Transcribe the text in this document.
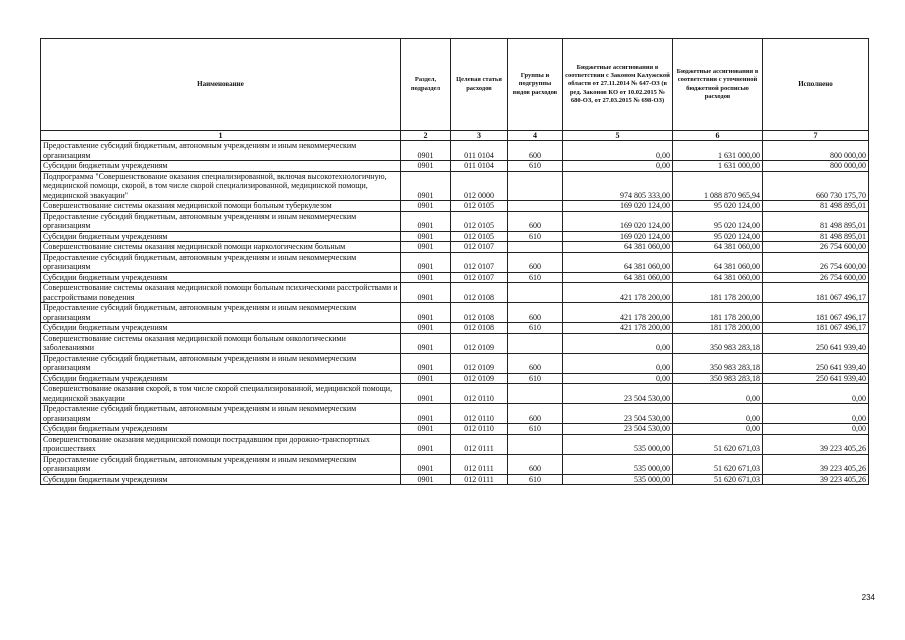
Наименование	Раздел, подраздел	Целевая статья расходов	Группы и подгруппы видов расходов	Бюджетные ассигнования в соответствии с Законом Калужской области от 27.11.2014 № 647-ОЗ (в ред. Законов КО от 10.02.2015 № 680-ОЗ, от 27.03.2015 № 698-ОЗ)	Бюджетные ассигнования в соответствии с уточненной бюджетной росписью расходов	Исполнено
1	2	3	4	5	6	7
Предоставление субсидий бюджетным, автономным учреждениям и иным некоммерческим организациям	0901	011 0104	600	0,00	1 631 000,00	800 000,00
Субсидии бюджетным учреждениям	0901	011 0104	610	0,00	1 631 000,00	800 000,00
Подпрограмма "Совершенствование оказания специализированной, включая высокотехнологичную, медицинской помощи, скорой, в том числе скорой специализированной, медицинской помощи, медицинской эвакуации"	0901	012 0000		974 805 333,00	1 088 870 965,94	660 730 175,70
Совершенствование системы оказания медицинской помощи больным туберкулезом	0901	012 0105		169 020 124,00	95 020 124,00	81 498 895,01
Предоставление субсидий бюджетным, автономным учреждениям и иным некоммерческим организациям	0901	012 0105	600	169 020 124,00	95 020 124,00	81 498 895,01
Субсидии бюджетным учреждениям	0901	012 0105	610	169 020 124,00	95 020 124,00	81 498 895,01
Совершенствование системы оказания медицинской помощи наркологическим больным	0901	012 0107		64 381 060,00	64 381 060,00	26 754 600,00
Предоставление субсидий бюджетным, автономным учреждениям и иным некоммерческим организациям	0901	012 0107	600	64 381 060,00	64 381 060,00	26 754 600,00
Субсидии бюджетным учреждениям	0901	012 0107	610	64 381 060,00	64 381 060,00	26 754 600,00
Совершенствование системы оказания медицинской помощи больным психическими расстройствами и расстройствами поведения	0901	012 0108		421 178 200,00	181 178 200,00	181 067 496,17
Предоставление субсидий бюджетным, автономным учреждениям и иным некоммерческим организациям	0901	012 0108	600	421 178 200,00	181 178 200,00	181 067 496,17
Субсидии бюджетным учреждениям	0901	012 0108	610	421 178 200,00	181 178 200,00	181 067 496,17
Совершенствование системы оказания медицинской помощи больным онкологическими заболеваниями	0901	012 0109		0,00	350 983 283,18	250 641 939,40
Предоставление субсидий бюджетным, автономным учреждениям и иным некоммерческим организациям	0901	012 0109	600	0,00	350 983 283,18	250 641 939,40
Субсидии бюджетным учреждениям	0901	012 0109	610	0,00	350 983 283,18	250 641 939,40
Совершенствование оказания скорой, в том числе скорой специализированной, медицинской помощи, медицинской эвакуации	0901	012 0110		23 504 530,00	0,00	0,00
Предоставление субсидий бюджетным, автономным учреждениям и иным некоммерческим организациям	0901	012 0110	600	23 504 530,00	0,00	0,00
Субсидии бюджетным учреждениям	0901	012 0110	610	23 504 530,00	0,00	0,00
Совершенствование оказания медицинской помощи пострадавшим при дорожно-транспортных происшествиях	0901	012 0111		535 000,00	51 620 671,03	39 223 405,26
Предоставление субсидий бюджетным, автономным учреждениям и иным некоммерческим организациям	0901	012 0111	600	535 000,00	51 620 671,03	39 223 405,26
Субсидии бюджетным учреждениям	0901	012 0111	610	535 000,00	51 620 671,03	39 223 405,26
234
